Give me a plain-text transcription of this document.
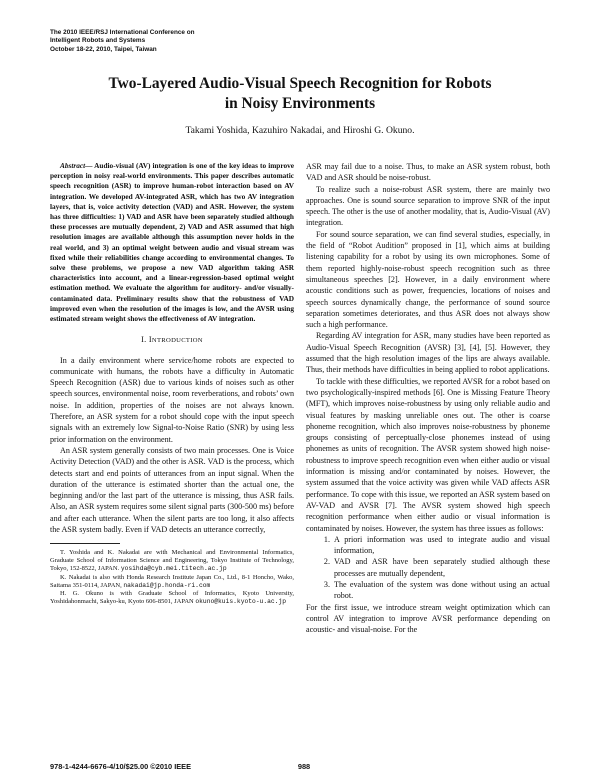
The 2010 IEEE/RSJ International Conference on
Intelligent Robots and Systems
October 18-22, 2010, Taipei, Taiwan
Two-Layered Audio-Visual Speech Recognition for Robots
in Noisy Environments
Takami Yoshida, Kazuhiro Nakadai, and Hiroshi G. Okuno.

Abstract— Audio-visual (AV) integration is one of the key ideas to improve perception in noisy real-world environments. This paper describes automatic speech recognition (ASR) to improve human-robot interaction based on AV integration. We developed AV-integrated ASR, which has two AV integration layers, that is, voice activity detection (VAD) and ASR. However, the system has three difficulties: 1) VAD and ASR have been separately studied although these processes are mutually dependent, 2) VAD and ASR assumed that high resolution images are available although this assumption never holds in the real world, and 3) an optimal weight between audio and visual stream was fixed while their reliabilities change according to environmental changes. To solve these problems, we propose a new VAD algorithm taking ASR characteristics into account, and a linear-regression-based optimal weight estimation method. We evaluate the algorithm for auditory- and/or visually-contaminated data. Preliminary results show that the robustness of VAD improved even when the resolution of the images is low, and the AVSR using estimated stream weight shows the effectiveness of AV integration.

I. INTRODUCTION

In a daily environment where service/home robots are expected to communicate with humans, the robots have a difficulty in Automatic Speech Recognition (ASR) due to various kinds of noises such as other speech sources, environmental noise, room reverberations, and robots’ own noise. In addition, properties of the noises are not always known. Therefore, an ASR system for a robot should cope with the input speech signals with an extremely low Signal-to-Noise Ratio (SNR) by using less prior information on the environment.

An ASR system generally consists of two main processes. One is Voice Activity Detection (VAD) and the other is ASR. VAD is the process, which detects start and end points of utterances from an input signal. When the duration of the utterance is estimated shorter than the actual one, the beginning and/or the last part of the utterance is missing, thus ASR fails. Also, an ASR system requires some silent signal parts (300-500 ms) before and after each utterance. When the silent parts are too long, it also affects the ASR system badly. Even if VAD detects an utterance correctly,

T. Yoshida and K. Nakadai are with Mechanical and Environmental Informatics, Graduate School of Information Science and Engineering, Tokyo Institute of Technology, Tokyo, 152-8522, JAPAN. yosihda@cyb.mei.titech.ac.jp

K. Nakadai is also with Honda Research Institute Japan Co., Ltd., 8-1 Honcho, Wako, Saitama 351-0114, JAPAN, nakadai@jp.honda-ri.com

H. G. Okuno is with Graduate School of Informatics, Kyoto University, Yoshidahonmachi, Sakyo-ku, Kyoto 606-8501, JAPAN okuno@kuis.kyoto-u.ac.jp

ASR may fail due to a noise. Thus, to make an ASR system robust, both VAD and ASR should be noise-robust.

To realize such a noise-robust ASR system, there are mainly two approaches. One is sound source separation to improve SNR of the input speech. The other is the use of another modality, that is, Audio-Visual (AV) integration.

For sound source separation, we can find several studies, especially, in the field of “Robot Audition” proposed in [1], which aims at building listening capability for a robot by using its own microphones. Some of them reported highly-noise-robust speech recognition such as three simultaneous speeches [2]. However, in a daily environment where acoustic conditions such as power, frequencies, locations of noises and speech sources dynamically change, the performance of sound source separation sometimes deteriorates, and thus ASR does not always show such a high performance.

Regarding AV integration for ASR, many studies have been reported as Audio-Visual Speech Recognition (AVSR) [3], [4], [5]. However, they assumed that the high resolution images of the lips are always available. Thus, their methods have difficulties in being applied to robot applications.

To tackle with these difficulties, we reported AVSR for a robot based on two psychologically-inspired methods [6]. One is Missing Feature Theory (MFT), which improves noise-robustness by using only reliable audio and visual features by masking unreliable ones out. The other is coarse phoneme recognition, which also improves noise-robustness by phoneme groups consisting of perceptually-close phonemes instead of using phonemes as units of recognition. The AVSR system showed high noise-robustness to improve speech recognition even when either audio or visual information is missing and/or contaminated by noises. However, the system assumed that the voice activity was given while VAD affects ASR performance. To cope with this issue, we reported an ASR system based on AV-VAD and AVSR [7]. The AVSR system showed high speech recognition performance when either audio or visual information is contaminated by noises. However, the system has three issues as follows:

1. A priori information was used to integrate audio and visual information,
2. VAD and ASR have been separately studied although these processes are mutually dependent,
3. The evaluation of the system was done without using an actual robot.

For the first issue, we introduce stream weight optimization which can control AV integration to improve AVSR performance depending on acoustic- and visual-noise. For the

978-1-4244-6676-4/10/$25.00 ©2010 IEEE	988
